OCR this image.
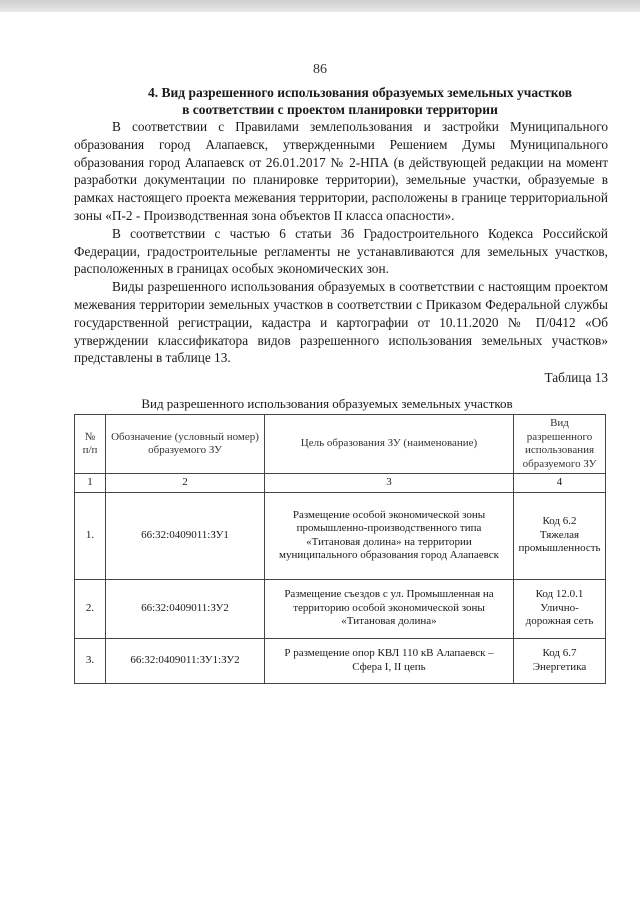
86
4. Вид разрешенного использования образуемых земельных участков
в соответствии с проектом планировки территории

В соответствии с Правилами землепользования и застройки Муниципального образования город Алапаевск, утвержденными Решением Думы Муниципального образования город Алапаевск от 26.01.2017 № 2-НПА (в действующей редакции на момент разработки документации по планировке территории), земельные участки, образуемые в рамках настоящего проекта межевания территории, расположены в границе территориальной зоны «П-2 - Производственная зона объектов II класса опасности».

В соответствии с частью 6 статьи 36 Градостроительного Кодекса Российской Федерации, градостроительные регламенты не устанавливаются для земельных участков, расположенных в границах особых экономических зон.

Виды разрешенного использования образуемых в соответствии с настоящим проектом межевания территории земельных участков в соответствии с Приказом Федеральной службы государственной регистрации, кадастра и картографии от 10.11.2020 № П/0412 «Об утверждении классификатора видов разрешенного использования земельных участков» представлены в таблице 13.

Таблица 13
Вид разрешенного использования образуемых земельных участков
№ п/п	Обозначение (условный номер) образуемого ЗУ	Цель образования ЗУ (наименование)	Вид разрешенного использования образуемого ЗУ
1	2	3	4
1.	66:32:0409011:ЗУ1	Размещение особой экономической зоны промышленно-производственного типа «Титановая долина» на территории муниципального образования город Алапаевск	Код 6.2
Тяжелая промышленность

2.	66:32:0409011:ЗУ2	Размещение съездов с ул. Промышленная на территорию особой экономической зоны «Титановая долина»	Код 12.0.1
Улично-дорожная сеть

3.	66:32:0409011:ЗУ1:ЗУ2	Р размещение опор КВЛ 110 кВ Алапаевск – Сфера I, II цепь	Код 6.7
Энергетика
